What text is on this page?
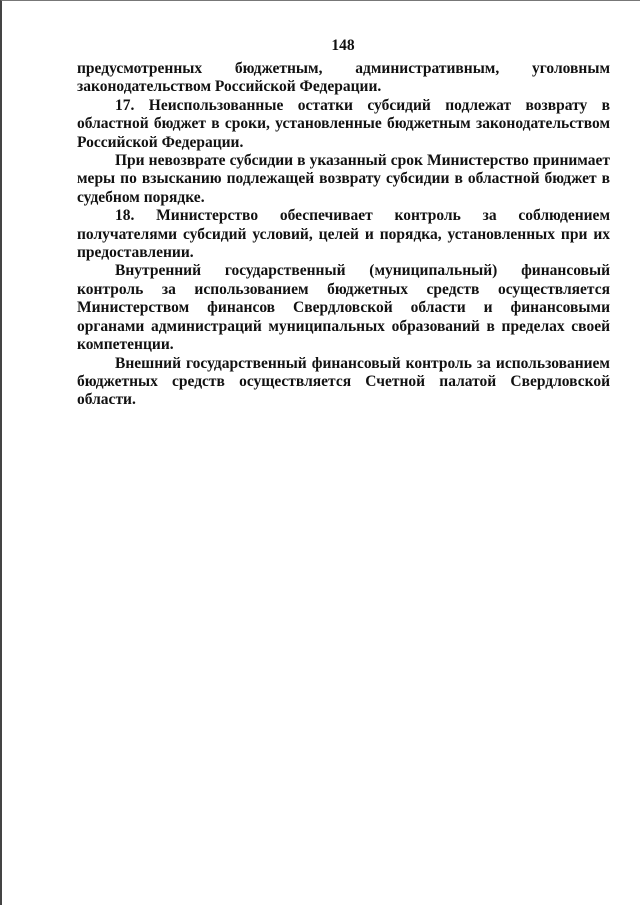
148

предусмотренных бюджетным, административным, уголовным

законодательством Российской Федерации.

17. Неиспользованные остатки субсидий подлежат возврату в областной бюджет в сроки, установленные бюджетным законодательством Российской Федерации.

При невозврате субсидии в указанный срок Министерство принимает меры по взысканию подлежащей возврату субсидии в областной бюджет в судебном порядке.

18. Министерство обеспечивает контроль за соблюдением получателями субсидий условий, целей и порядка, установленных при их предоставлении.

Внутренний государственный (муниципальный) финансовый контроль за использованием бюджетных средств осуществляется Министерством финансов Свердловской области и финансовыми органами администраций муниципальных образований в пределах своей компетенции.

Внешний государственный финансовый контроль за использованием бюджетных средств осуществляется Счетной палатой Свердловской области.
